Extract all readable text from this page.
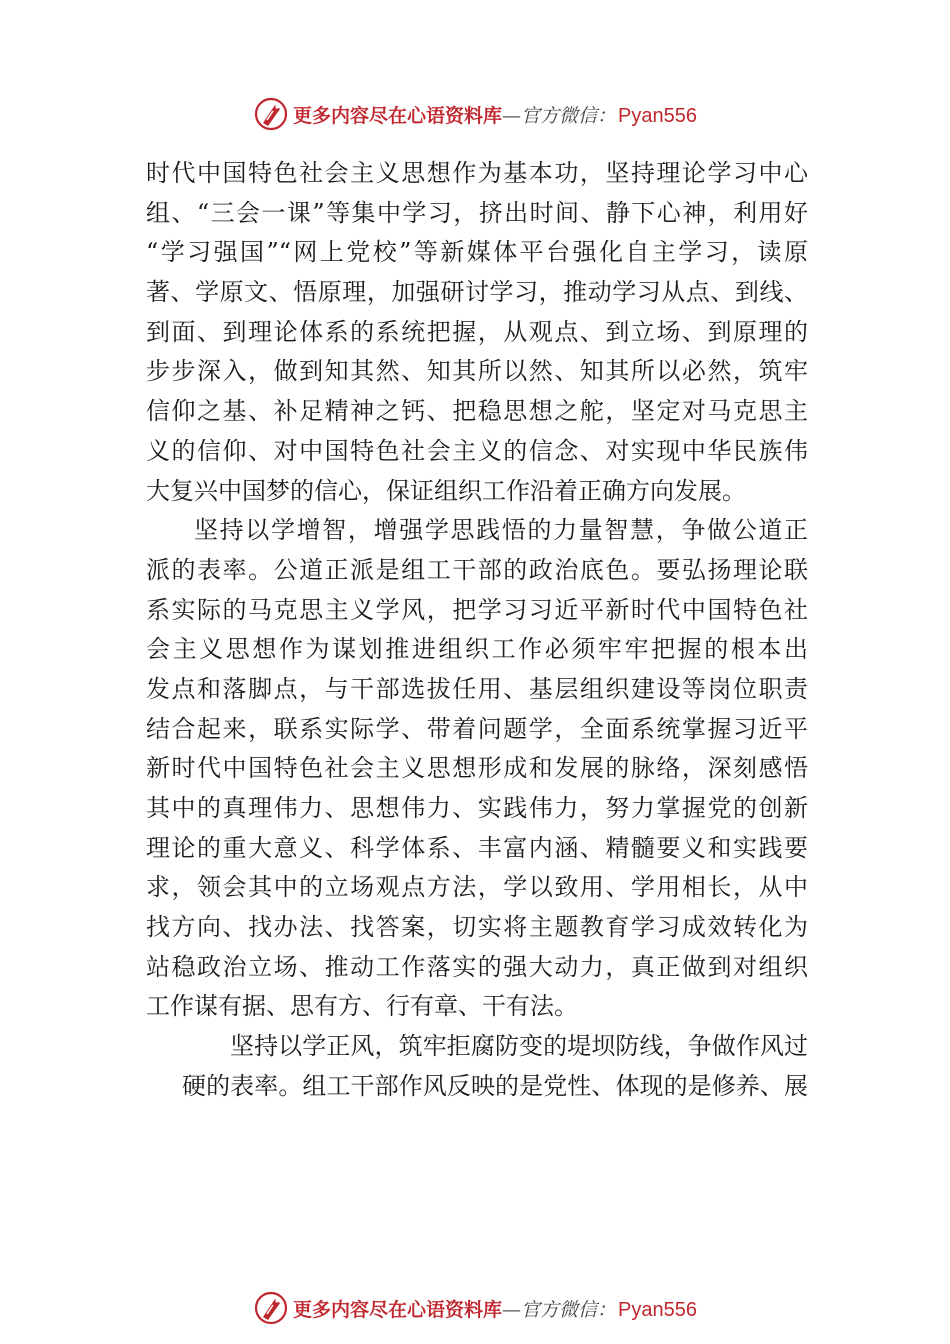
更多内容尽在心语资料库 — 官方微信： Pyan556
时代中国特色社会主义思想作为基本功，坚持理论学习中心
组、“三会一课”等集中学习，挤出时间、静下心神，利用好
“学习强国”“网上党校”等新媒体平台强化自主学习，读原
著、学原文、悟原理，加强研讨学习，推动学习从点、到线、
到面、到理论体系的系统把握，从观点、到立场、到原理的
步步深入，做到知其然、知其所以然、知其所以必然，筑牢
信仰之基、补足精神之钙、把稳思想之舵，坚定对马克思主
义的信仰、对中国特色社会主义的信念、对实现中华民族伟
大复兴中国梦的信心，保证组织工作沿着正确方向发展。
坚持以学增智，增强学思践悟的力量智慧，争做公道正
派的表率。公道正派是组工干部的政治底色。要弘扬理论联
系实际的马克思主义学风，把学习习近平新时代中国特色社
会主义思想作为谋划推进组织工作必须牢牢把握的根本出
发点和落脚点，与干部选拔任用、基层组织建设等岗位职责
结合起来，联系实际学、带着问题学，全面系统掌握习近平
新时代中国特色社会主义思想形成和发展的脉络，深刻感悟
其中的真理伟力、思想伟力、实践伟力，努力掌握党的创新
理论的重大意义、科学体系、丰富内涵、精髓要义和实践要
求，领会其中的立场观点方法，学以致用、学用相长，从中
找方向、找办法、找答案，切实将主题教育学习成效转化为
站稳政治立场、推动工作落实的强大动力，真正做到对组织
工作谋有据、思有方、行有章、干有法。
坚持以学正风，筑牢拒腐防变的堤坝防线，争做作风过
硬的表率。组工干部作风反映的是党性、体现的是修养、展
更多内容尽在心语资料库 — 官方微信： Pyan556
